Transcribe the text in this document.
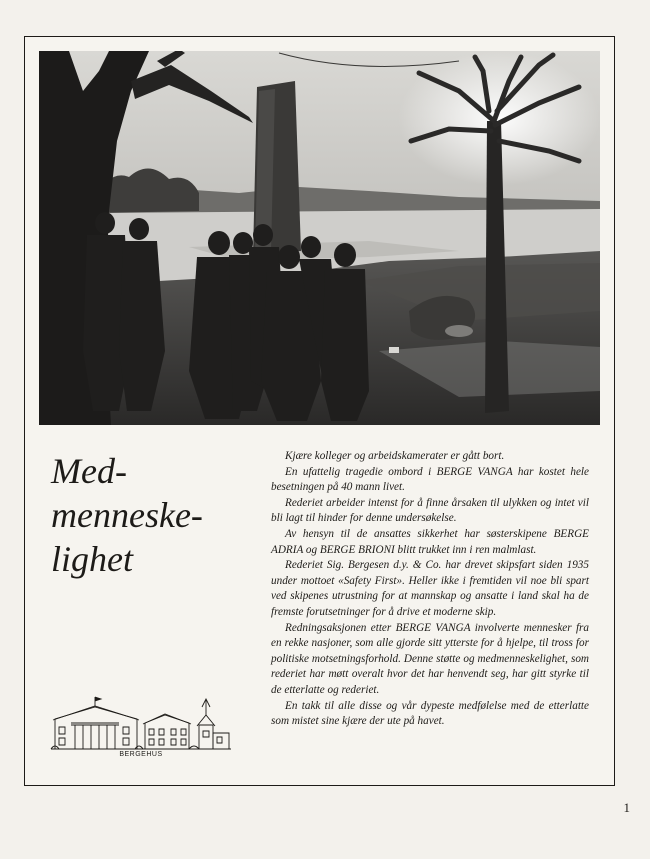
Med-
menneske-
lighet

Kjære kolleger og arbeidskamerater er gått bort.

En ufattelig tragedie ombord i BERGE VANGA har kostet hele besetningen på 40 mann livet.

Rederiet arbeider intenst for å finne årsaken til ulykken og intet vil bli lagt til hinder for denne undersøkelse.

Av hensyn til de ansattes sikkerhet har søsterskipene BERGE ADRIA og BERGE BRIONI blitt trukket inn i ren malmlast.

Rederiet Sig. Bergesen d.y. & Co. har drevet skipsfart siden 1935 under mottoet «Safety First». Heller ikke i fremtiden vil noe bli spart ved skipenes utrustning for at mannskap og ansatte i land skal ha de fremste forutsetninger for å drive et moderne skip.

Redningsaksjonen etter BERGE VANGA involverte mennesker fra en rekke nasjoner, som alle gjorde sitt ytterste for å hjelpe, til tross for politiske motsetningsforhold. Denne støtte og medmenneskelighet, som rederiet har møtt overalt hvor det har henvendt seg, har gitt styrke til de etterlatte og rederiet.

En takk til alle disse og vår dypeste medfølelse med de etterlatte som mistet sine kjære der ute på havet.

BERGEHUS
1
